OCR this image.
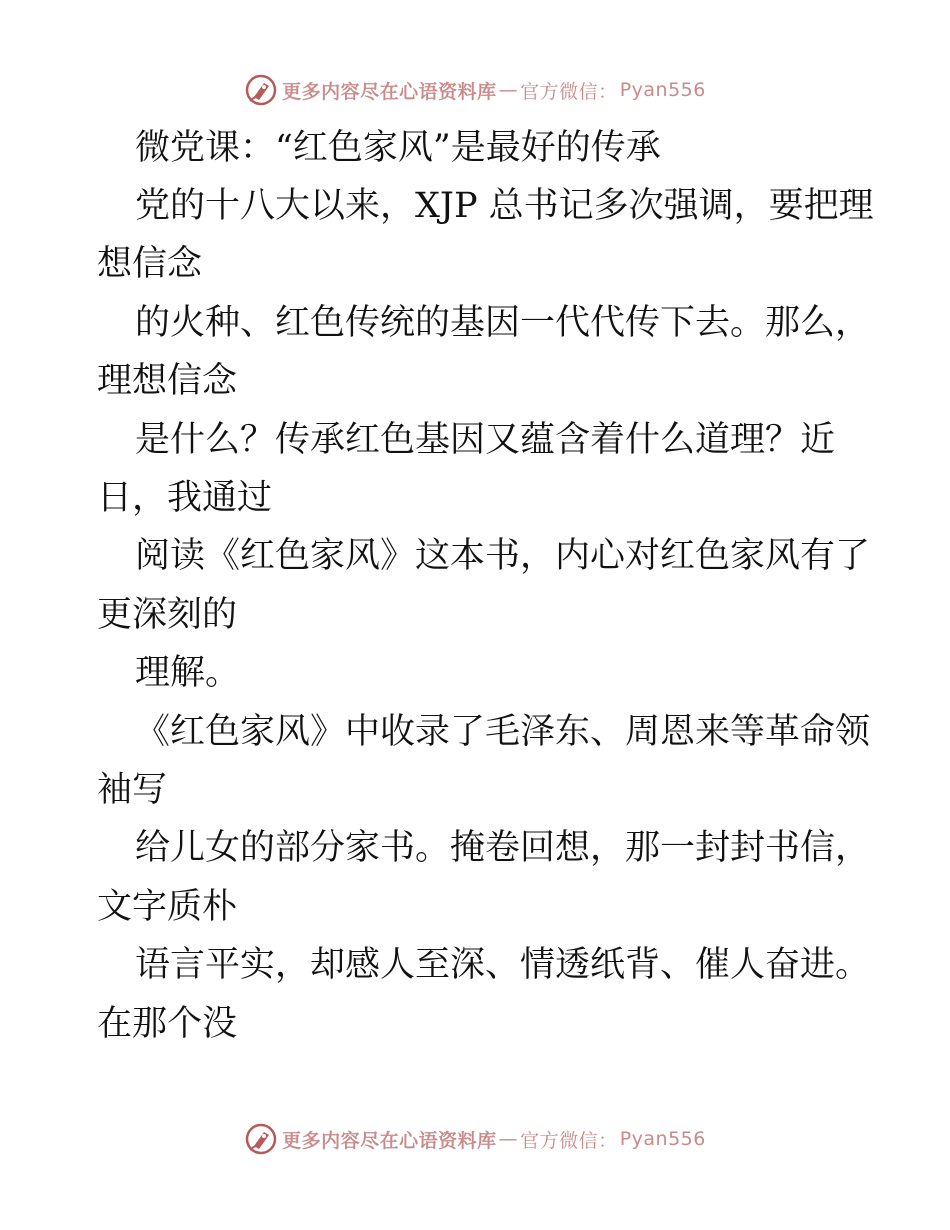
更多内容尽在心语资料库 — 官方微信： Pyan556
微党课：“红色家风”是最好的传承
党的十八大以来，XJP 总书记多次强调，要把理
想信念
的火种、红色传统的基因一代代传下去。那么，
理想信念
是什么？传承红色基因又蕴含着什么道理？近
日，我通过
阅读《红色家风》这本书，内心对红色家风有了
更深刻的
理解。
《红色家风》中收录了毛泽东、周恩来等革命领
袖写
给儿女的部分家书。掩卷回想，那一封封书信，
文字质朴
语言平实，却感人至深、情透纸背、催人奋进。
在那个没
更多内容尽在心语资料库 — 官方微信： Pyan556
